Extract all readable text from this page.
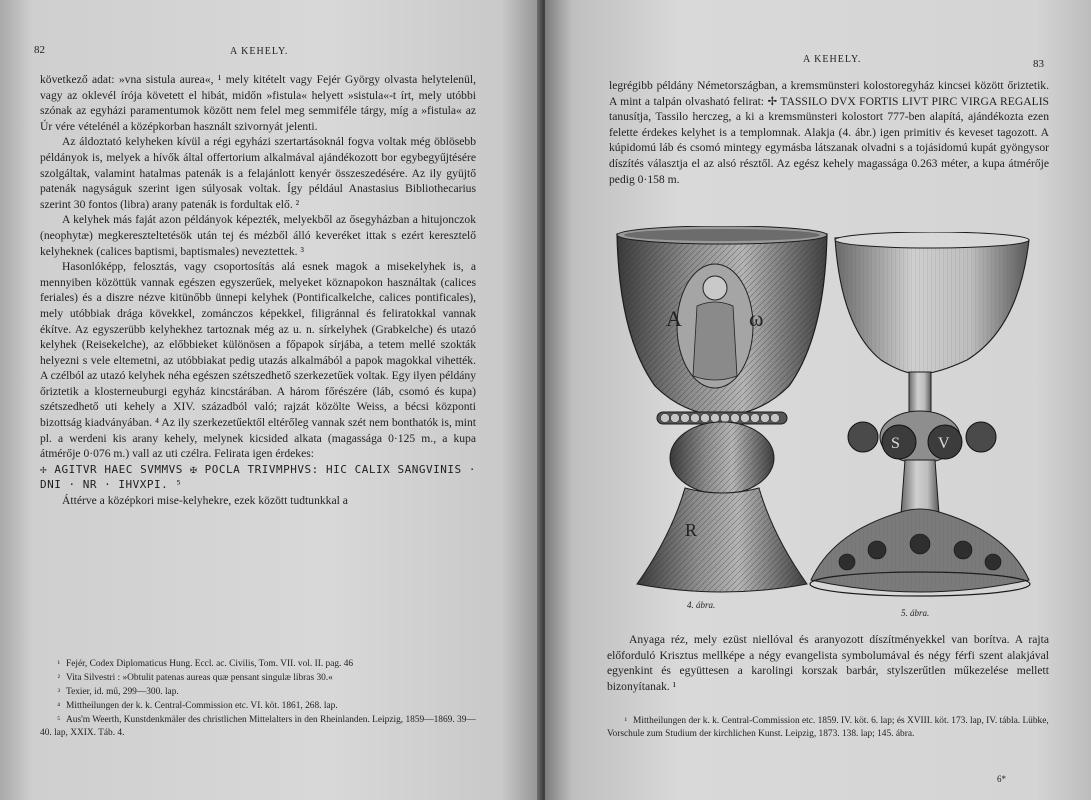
82	A KEHELY.

következő adat: »vna sistula aurea«, ¹ mely kitételt vagy Fejér György olvasta helytelenül, vagy az oklevél írója követett el hibát, midőn »fistula« helyett »sistula«-t írt, mely utóbbi szónak az egyházi paramentumok között nem felel meg semmiféle tárgy, míg a »fistula« az Úr vére vételénél a középkorban használt szivornyát jelenti.

Az áldoztató kelyheken kívül a régi egyházi szertartásoknál fogva voltak még öblösebb példányok is, melyek a hívők által offertorium alkalmával ajándékozott bor egybegyűjtésére szolgáltak, valamint hatalmas patenák is a felajánlott kenyér összeszedésére. Az ily gyüjtő patenák nagyságuk szerint igen súlyosak voltak. Így például Anastasius Bibliothecarius szerint 30 fontos (libra) arany patenák is fordultak elő. ²

A kelyhek más faját azon példányok képezték, melyekből az ősegyházban a hitujonczok (neophytæ) megkereszteltetésök után tej és mézből álló keveréket ittak s ezért keresztelő kelyheknek (calices baptismi, baptismales) neveztettek. ³

Hasonlóképp, felosztás, vagy csoportosítás alá esnek magok a misekelyhek is, a mennyiben közöttük vannak egészen egyszerűek, melyeket köznapokon használtak (calices feriales) és a diszre nézve kitünőbb ünnepi kelyhek (Pontificalkelche, calices pontificales), mely utóbbiak drága kövekkel, zománczos képekkel, filigránnal és feliratokkal vannak ékítve. Az egyszerübb kelyhekhez tartoznak még az u. n. sírkelyhek (Grabkelche) és utazó kelyhek (Reisekelche), az előbbieket különösen a főpapok sírjába, a tetem mellé szokták helyezni s vele eltemetni, az utóbbiakat pedig utazás alkalmából a papok magokkal vihették. A czélból az utazó kelyhek néha egészen szétszedhető szerkezetűek voltak. Egy ilyen példány őriztetik a klosterneuburgi egyház kincstárában. A három főrészére (láb, csomó és kupa) szétszedhető uti kehely a XIV. századból való; rajzát közölte Weiss, a bécsi központi bizottság kiadványában. ⁴ Az ily szerkezetűektől eltérőleg vannak szét nem bonthatók is, mint pl. a werdeni kis arany kehely, melynek kicsided alkata (magassága 0·125 m., a kupa átmérője 0·076 m.) vall az uti czélra. Felirata igen érdekes:

✢ AGITVR HAEC SVMMVS ✠ POCLA TRIVMPHVS: HIC CALIX SANGVINIS · DNI · NR · IHVXPI. ⁵

Áttérve a középkori mise-kelyhekre, ezek között tudtunkkal a

¹ Fejér, Codex Diplomaticus Hung. Eccl. ac. Civilis, Tom. VII. vol. II. pag. 46
² Vita Silvestri : »Obtulit patenas aureas quæ pensant singulæ libras 30.«
³ Texier, id. mű, 299—300. lap.
⁴ Mittheilungen der k. k. Central-Commission etc. VI. köt. 1861, 268. lap.
⁵ Aus'm Weerth, Kunstdenkmäler des christlichen Mittelalters in den Rheinlanden. Leipzig, 1859—1869. 39—40. lap, XXIX. Táb. 4.
A KEHELY.	83

legrégibb példány Németországban, a kremsmünsteri kolostoregyház kincsei között őriztetik. A mint a talpán olvasható felirat: ✢ TASSILO DVX FORTIS LIVT PIRC VIRGA REGALIS tanusítja, Tassilo herczeg, a ki a kremsmünsteri kolostort 777-ben alapítá, ajándékozta ezen felette érdekes kelyhet is a templomnak. Alakja (4. ábr.) igen primitiv és keveset tagozott. A kúpidomú láb és csomó mintegy egymásba látszanak olvadni s a tojásidomú kupát gyöngysor díszítés választja el az alsó résztől. Az egész kehely magassága 0.263 méter, a kupa átmérője pedig 0·158 m.

A	ω
R
S V
4. ábra.
5. ábra.

Anyaga réz, mely ezüst niellóval és aranyozott díszítményekkel van borítva. A rajta előforduló Krisztus mellképe a négy evangelista symbolumával és négy férfi szent alakjával egyenkint és együttesen a karolingi korszak barbár, stylszerűtlen műkezelése mellett bizonyítanak. ¹

¹ Mittheilungen der k. k. Central-Commission etc. 1859. IV. köt. 6. lap; és XVIII. köt. 173. lap, IV. tábla. Lübke, Vorschule zum Studium der kirchlichen Kunst. Leipzig, 1873. 138. lap; 145. ábra.
6*
